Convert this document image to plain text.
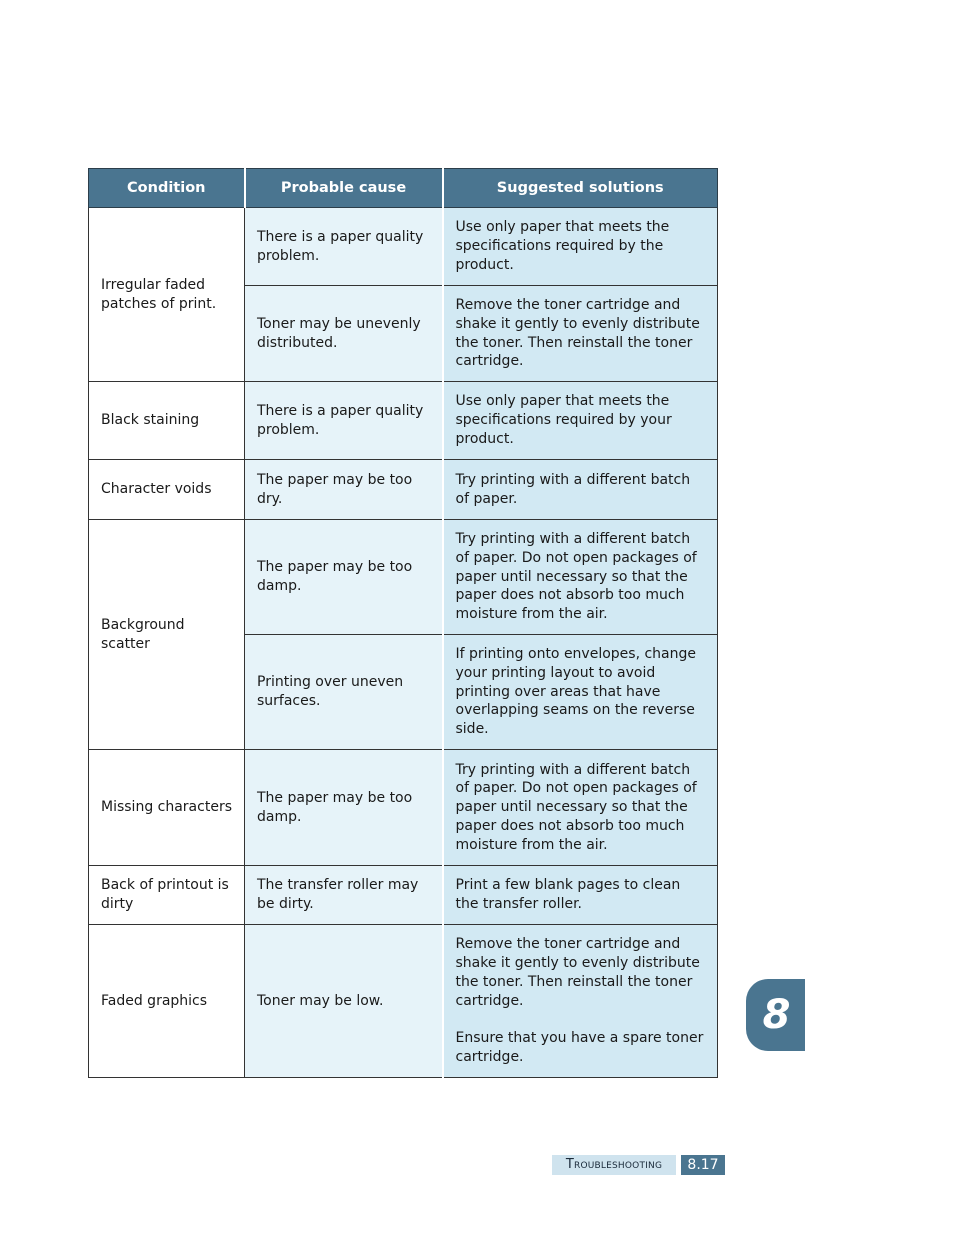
Condition	Probable cause	Suggested solutions
Irregular faded patches of print.	There is a paper quality problem.	Use only paper that meets the specifications required by the product.
	Toner may be unevenly distributed.	Remove the toner cartridge and shake it gently to evenly distribute the toner. Then reinstall the toner cartridge.
Black staining	There is a paper quality problem.	Use only paper that meets the specifications required by your product.
Character voids	The paper may be too dry.	Try printing with a different batch of paper.
Background scatter	The paper may be too damp.	Try printing with a different batch of paper. Do not open packages of paper until necessary so that the paper does not absorb too much moisture from the air.
	Printing over uneven surfaces.	If printing onto envelopes, change your printing layout to avoid printing over areas that have overlapping seams on the reverse side.
Missing characters	The paper may be too damp.	Try printing with a different batch of paper. Do not open packages of paper until necessary so that the paper does not absorb too much moisture from the air.
Back of printout is dirty	The transfer roller may be dirty.	Print a few blank pages to clean the transfer roller.
Faded graphics	Toner may be low.	Remove the toner cartridge and shake it gently to evenly distribute the toner. Then reinstall the toner cartridge.
Ensure that you have a spare toner cartridge.
8
Troubleshooting	8.17
